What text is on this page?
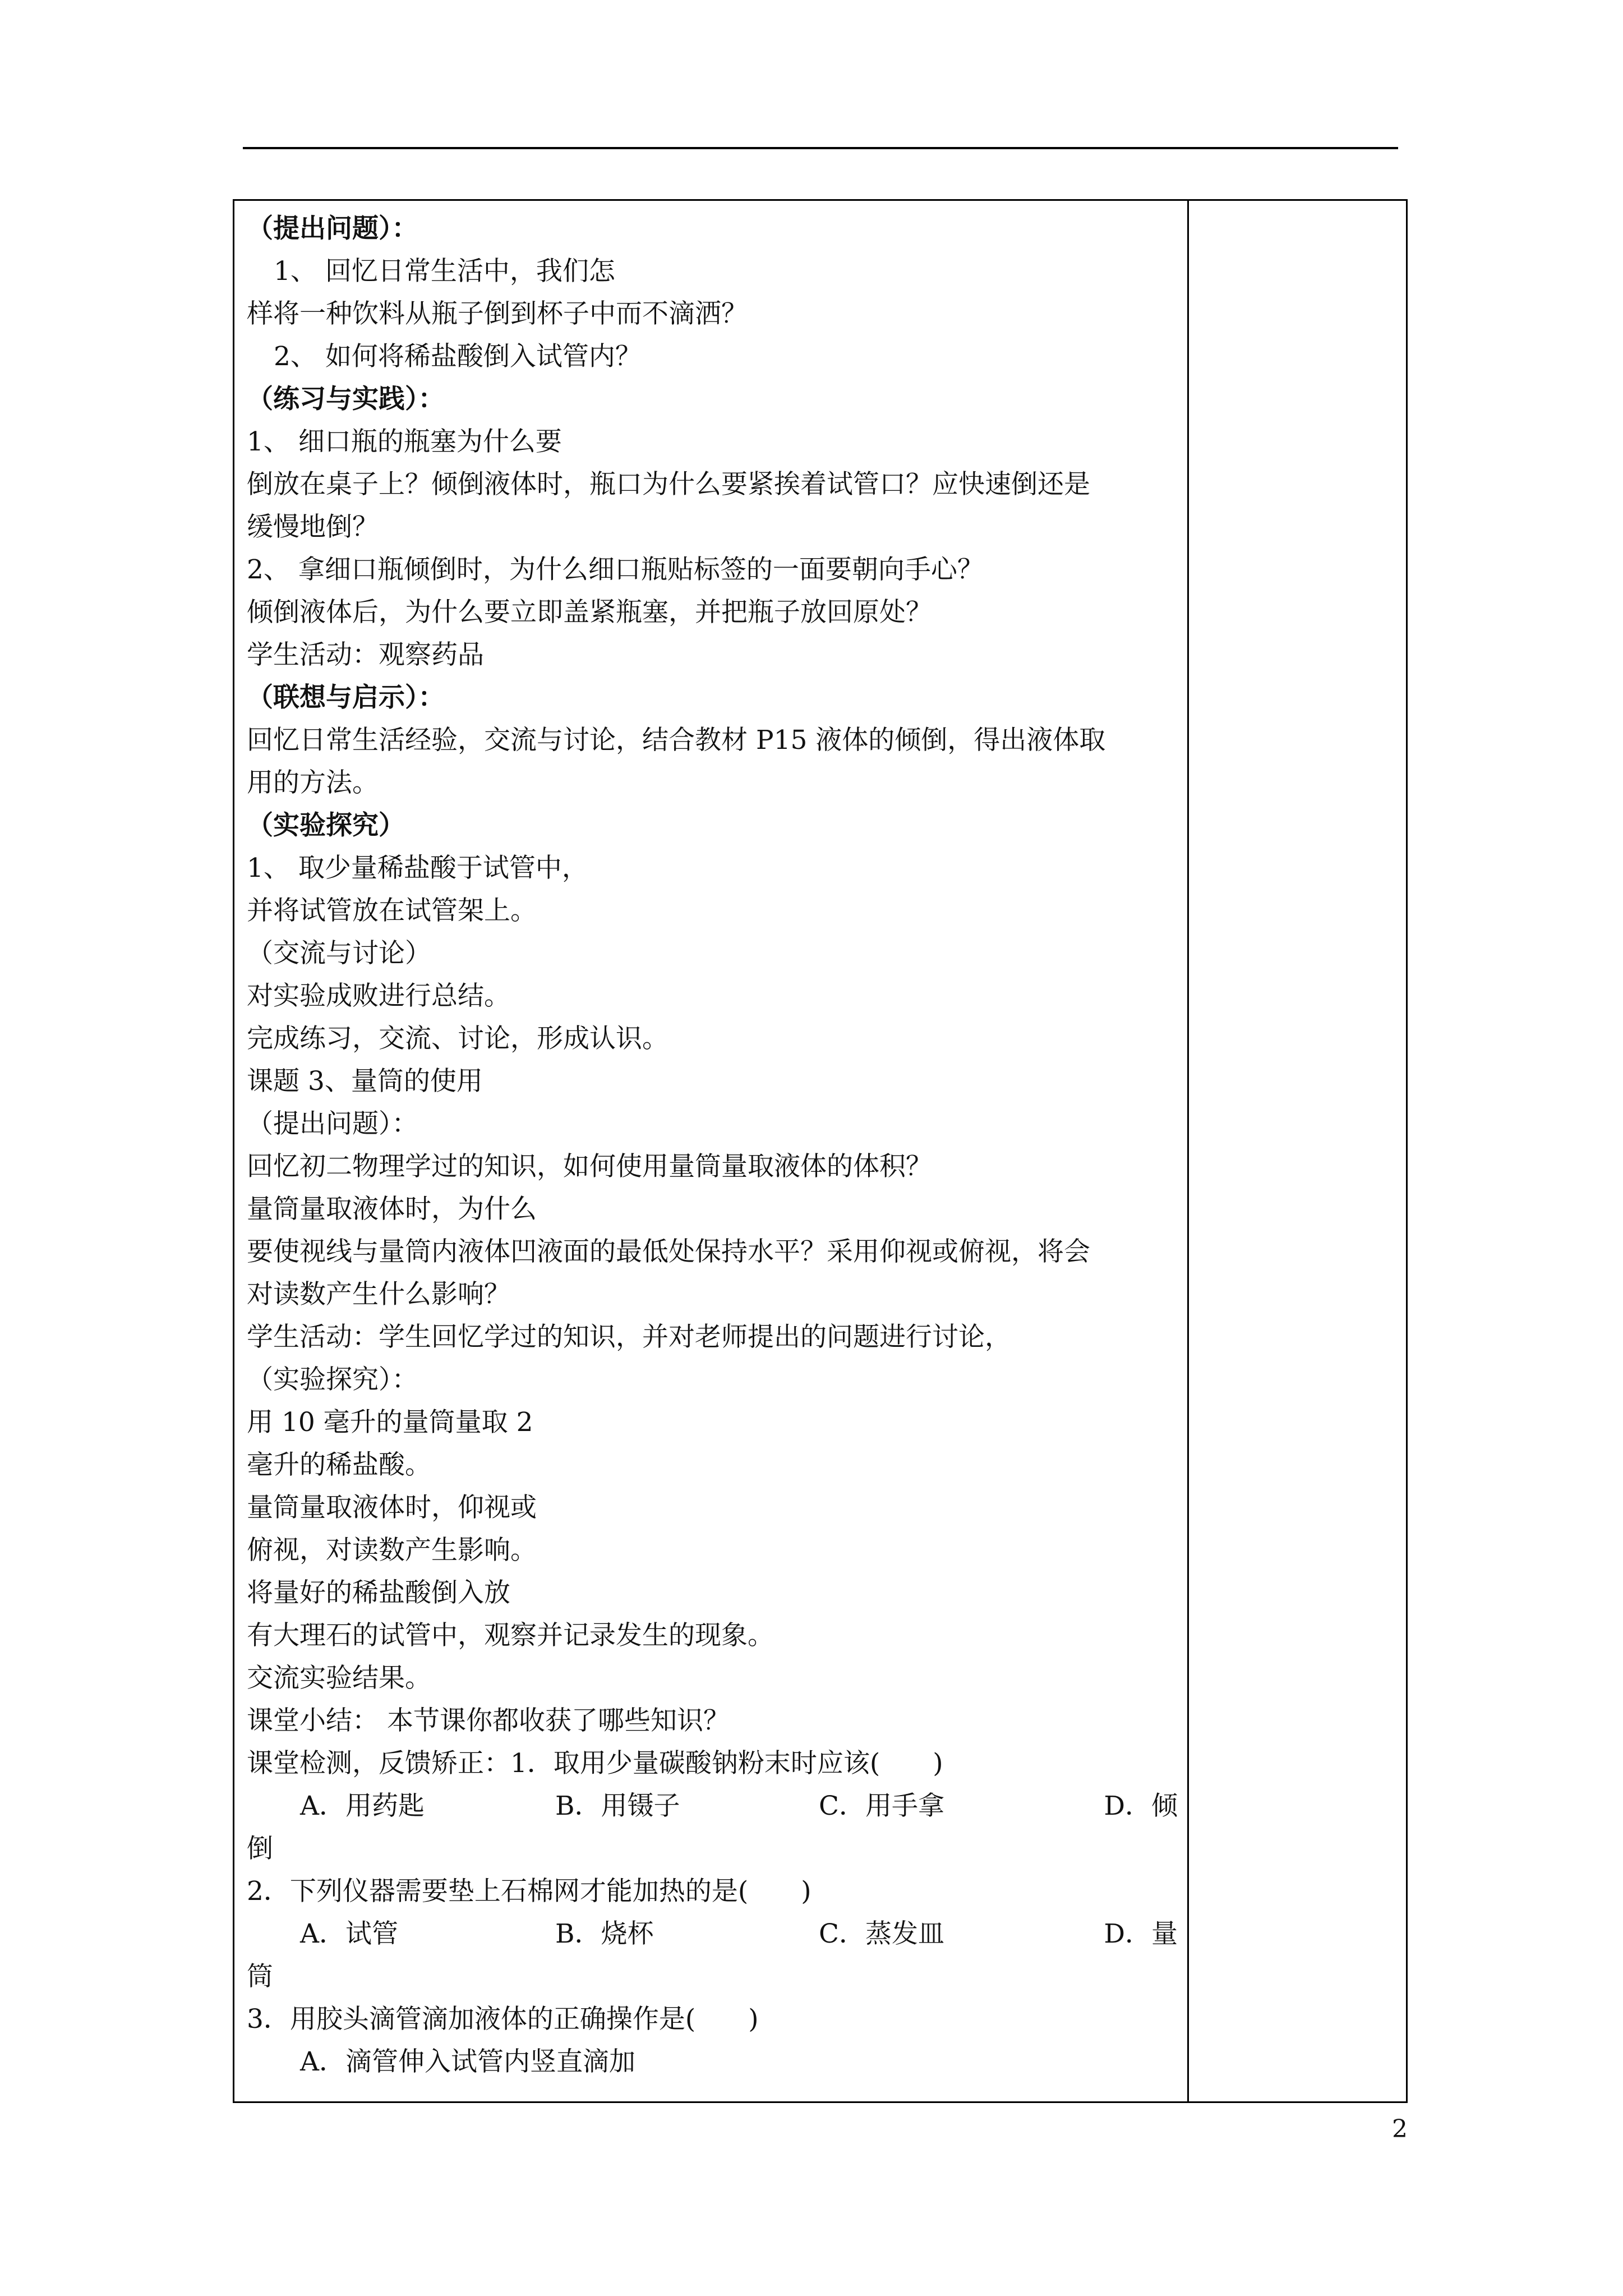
（提出问题）：
1、 回忆日常生活中，我们怎
样将一种饮料从瓶子倒到杯子中而不滴洒？
2、 如何将稀盐酸倒入试管内？
（练习与实践）：
1、 细口瓶的瓶塞为什么要
倒放在桌子上？倾倒液体时，瓶口为什么要紧挨着试管口？应快速倒还是
缓慢地倒？
2、 拿细口瓶倾倒时，为什么细口瓶贴标签的一面要朝向手心？
倾倒液体后，为什么要立即盖紧瓶塞，并把瓶子放回原处？
学生活动：观察药品
（联想与启示）：
回忆日常生活经验，交流与讨论，结合教材 P15 液体的倾倒，得出液体取
用的方法。
（实验探究）
1、 取少量稀盐酸于试管中，
并将试管放在试管架上。
（交流与讨论）
对实验成败进行总结。
完成练习，交流、讨论，形成认识。
课题 3、量筒的使用
（提出问题）：
回忆初二物理学过的知识，如何使用量筒量取液体的体积？
量筒量取液体时，为什么
要使视线与量筒内液体凹液面的最低处保持水平？采用仰视或俯视，将会
对读数产生什么影响？
学生活动：学生回忆学过的知识，并对老师提出的问题进行讨论，
（实验探究）：
用 10 毫升的量筒量取 2
毫升的稀盐酸。
量筒量取液体时，仰视或
俯视，对读数产生影响。
将量好的稀盐酸倒入放
有大理石的试管中，观察并记录发生的现象。
交流实验结果。
课堂小结： 本节课你都收获了哪些知识？
课堂检测，反馈矫正：1．取用少量碳酸钠粉末时应该(　　)
A．用药匙	B．用镊子	C．用手拿	D．倾
倒
2．下列仪器需要垫上石棉网才能加热的是(　　)
A．试管	B．烧杯	C．蒸发皿	D．量
筒
3．用胶头滴管滴加液体的正确操作是(　　)
A．滴管伸入试管内竖直滴加
2
